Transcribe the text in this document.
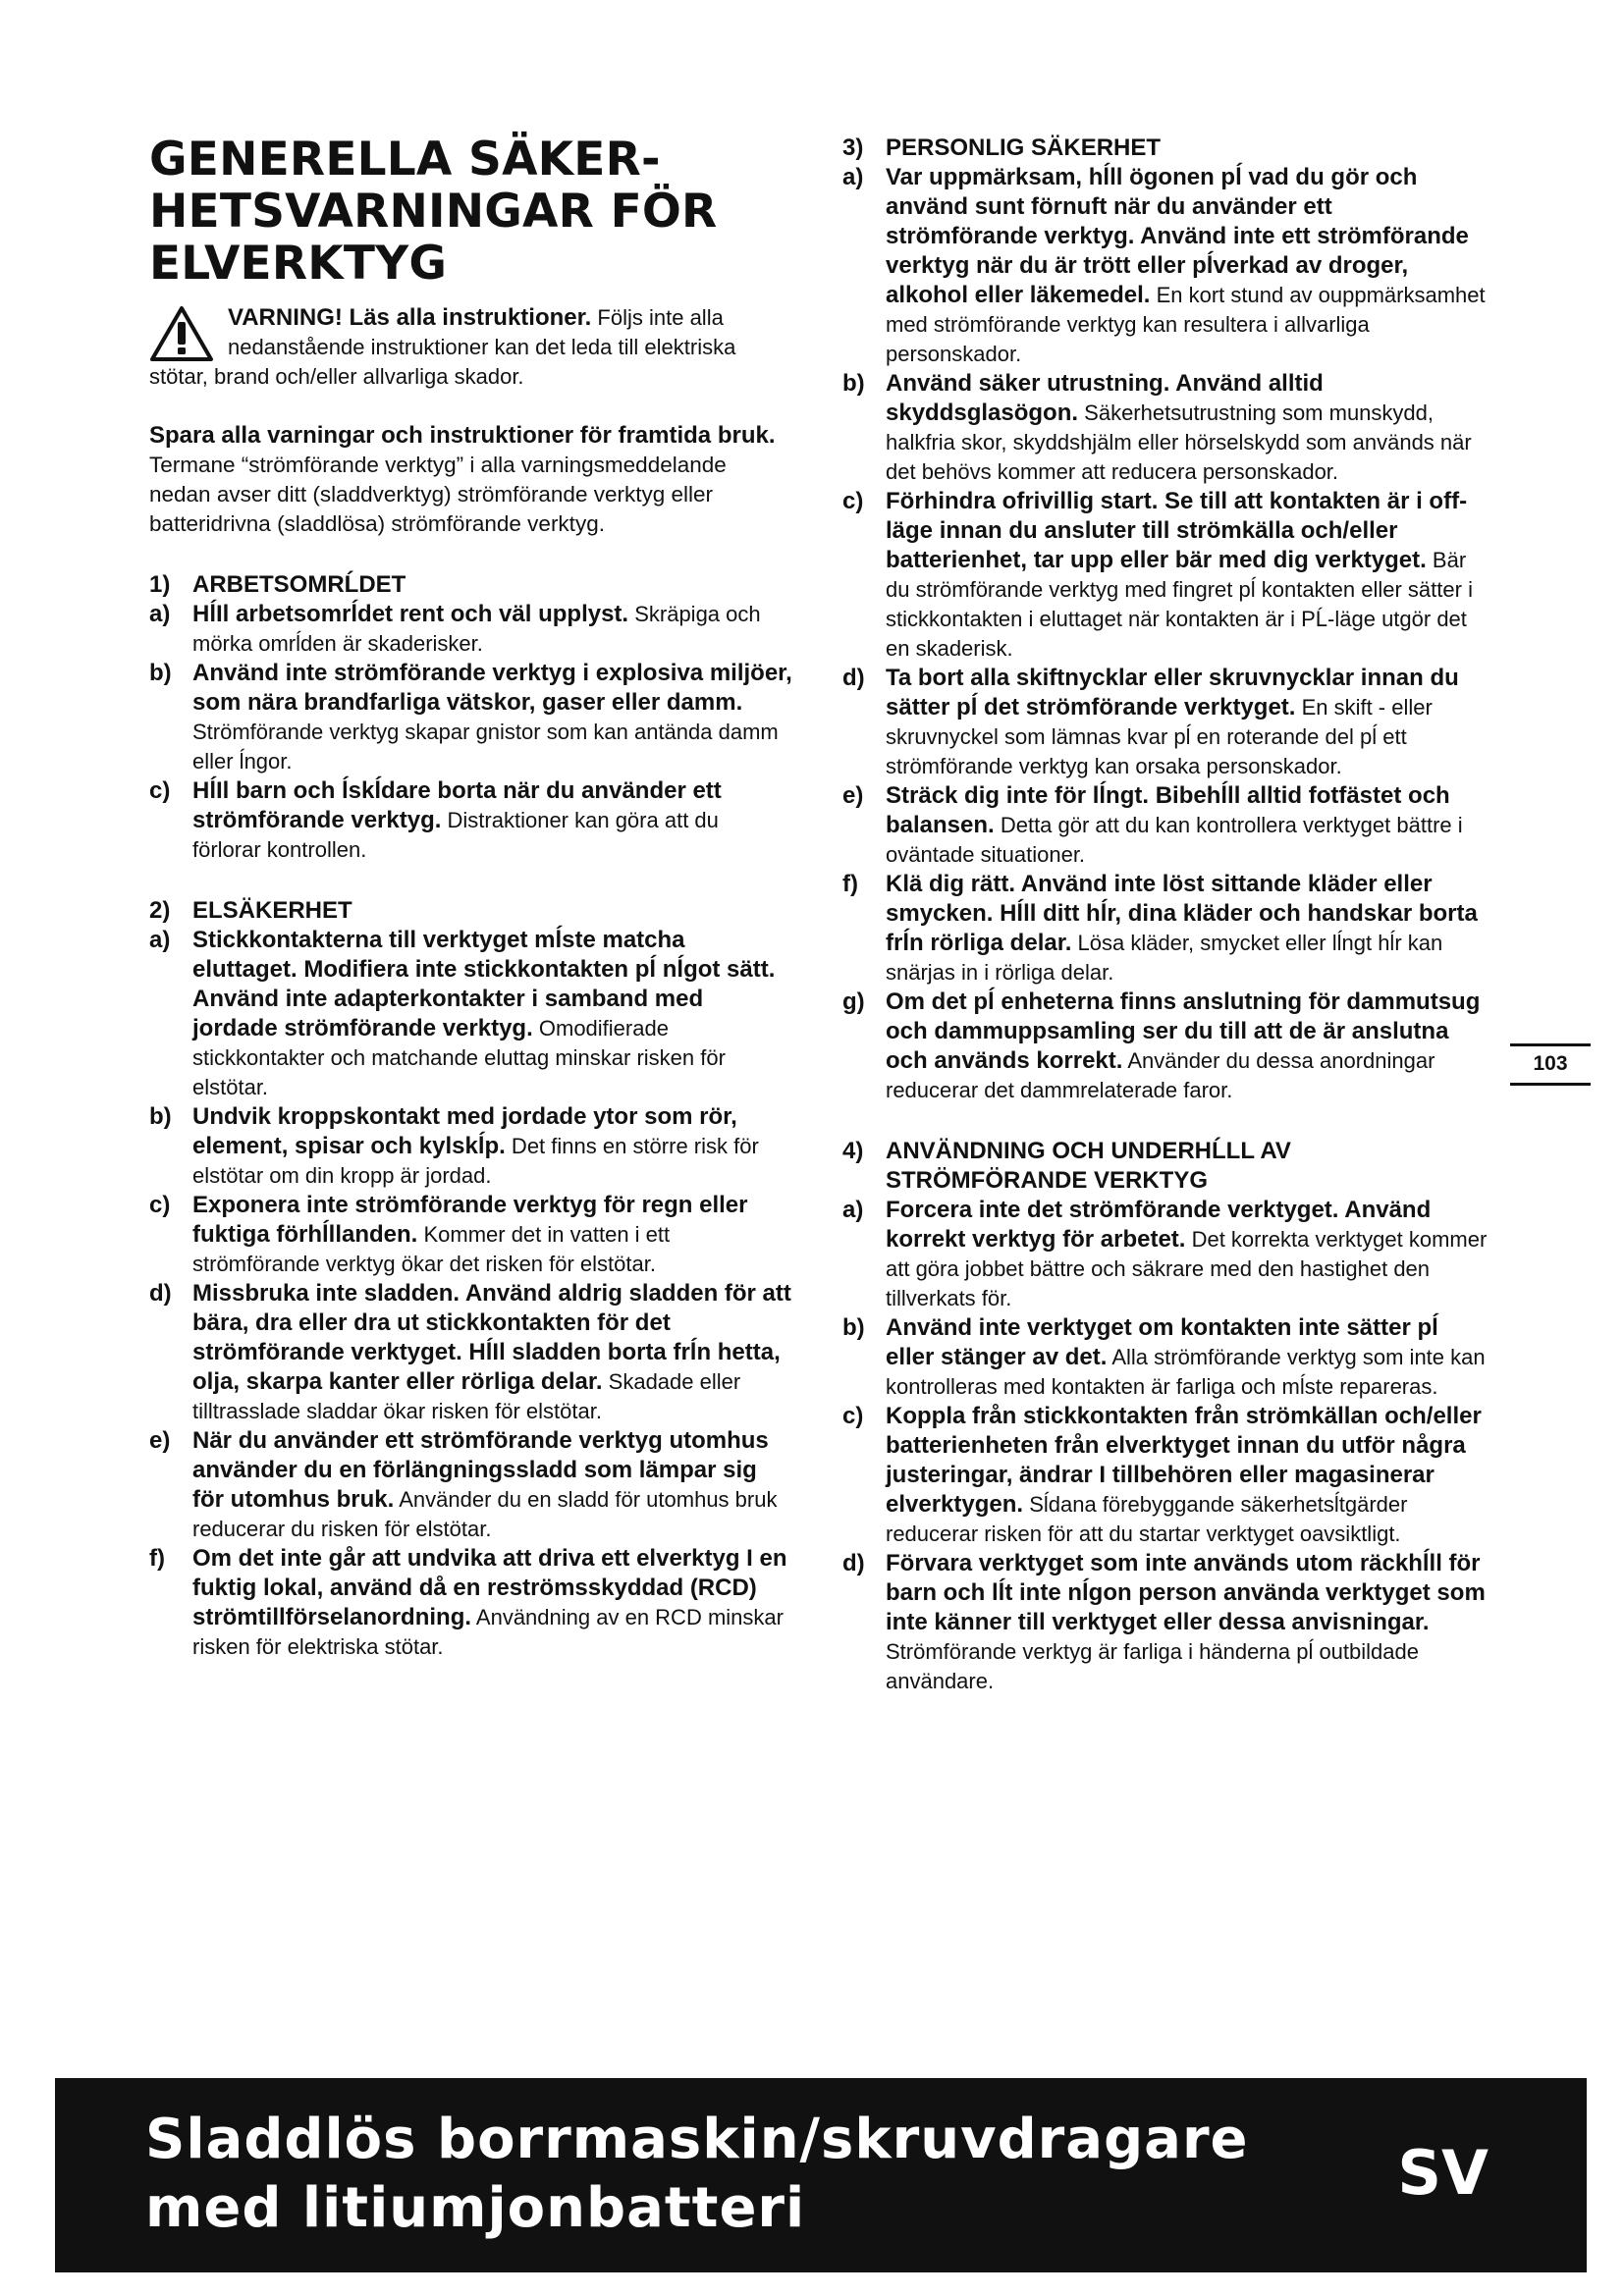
GENERELLA SÄKER-
HETSVARNINGAR FÖR
ELVERKTYG
VARNING! Läs alla instruktioner. Följs inte alla nedanstående instruktioner kan det leda till elektriska stötar, brand och/eller allvarliga skador.
Spara alla varningar och instruktioner för framtida bruk.
Termane “strömförande verktyg” i alla varningsmeddelande nedan avser ditt (sladdverktyg) strömförande verktyg eller batteridrivna (sladdlösa) strömförande verktyg.
1) ARBETSOMRĹDET
a) HĺIl arbetsomrĺdet rent och väl upplyst. Skräpiga och mörka omrĺden är skaderisker.
b) Använd inte strömförande verktyg i explosiva miljöer, som nära brandfarliga vätskor, gaser eller damm. Strömförande verktyg skapar gnistor som kan antända damm eller ĺngor.
c) HĺIl barn och ĺskĺdare borta när du använder ett strömförande verktyg. Distraktioner kan göra att du förlorar kontrollen.
2) ELSÄKERHET
a) Stickkontakterna till verktyget mĺste matcha eluttaget. Modifiera inte stickkontakten pĺ nĺgot sätt. Använd inte adapterkontakter i samband med jordade strömförande verktyg. Omodifierade stickkontakter och matchande eluttag minskar risken för elstötar.
b) Undvik kroppskontakt med jordade ytor som rör, element, spisar och kylskĺp. Det finns en större risk för elstötar om din kropp är jordad.
c) Exponera inte strömförande verktyg för regn eller fuktiga förhĺllanden. Kommer det in vatten i ett strömförande verktyg ökar det risken för elstötar.
d) Missbruka inte sladden. Använd aldrig sladden för att bära, dra eller dra ut stickkontakten för det strömförande verktyget. HĺIl sladden borta frĺn hetta, olja, skarpa kanter eller rörliga delar. Skadade eller tilltrasslade sladdar ökar risken för elstötar.
e) När du använder ett strömförande verktyg utomhus använder du en förlängningssladd som lämpar sig för utomhus bruk. Använder du en sladd för utomhus bruk reducerar du risken för elstötar.
f)	Om det inte går att undvika att driva ett elverktyg I en fuktig lokal, använd då en reströmsskyddad (RCD) strömtillförselanordning. Användning av en RCD minskar risken för elektriska stötar.
3) PERSONLIG SÄKERHET
a) Var uppmärksam, hĺll ögonen pĺ vad du gör och använd sunt förnuft när du använder ett strömförande verktyg. Använd inte ett strömförande verktyg när du är trött eller pĺverkad av droger, alkohol eller läkemedel. En kort stund av ouppmärksamhet med strömförande verktyg kan resultera i allvarliga personskador.
b) Använd säker utrustning. Använd alltid skyddsglasögon. Säkerhetsutrustning som munskydd, halkfria skor, skyddshjälm eller hörselskydd som används när det behövs kommer att reducera personskador.
c) Förhindra ofrivillig start. Se till att kontakten är i off-läge innan du ansluter till strömkälla och/eller batterienhet, tar upp eller bär med dig verktyget. Bär du strömförande verktyg med fingret pĺ kontakten eller sätter i stickkontakten i eluttaget när kontakten är i PĹ-läge utgör det en skaderisk.
d) Ta bort alla skiftnycklar eller skruvnycklar innan du sätter pĺ det strömförande verktyget. En skift - eller skruvnyckel som lämnas kvar pĺ en roterande del pĺ ett strömförande verktyg kan orsaka personskador.
e) Sträck dig inte för lĺngt. Bibehĺll alltid fotfästet och balansen. Detta gör att du kan kontrollera verktyget bättre i oväntade situationer.
f)	Klä dig rätt. Använd inte löst sittande kläder eller smycken. Hĺll ditt hĺr, dina kläder och handskar borta frĺn rörliga delar. Lösa kläder, smycket eller lĺngt hĺr kan snärjas in i rörliga delar.
g) Om det pĺ enheterna finns anslutning för dammutsug och dammuppsamling ser du till att de är anslutna och används korrekt. Använder du dessa anordningar reducerar det dammrelaterade faror.
4) ANVÄNDNING OCH UNDERHĹLL AV STRÖMFÖRANDE VERKTYG
a) Forcera inte det strömförande verktyget. Använd korrekt verktyg för arbetet. Det korrekta verktyget kommer att göra jobbet bättre och säkrare med den hastighet den tillverkats för.
b) Använd inte verktyget om kontakten inte sätter pĺ eller stänger av det. Alla strömförande verktyg som inte kan kontrolleras med kontakten är farliga och mĺste repareras.
c) Koppla från stickkontakten från strömkällan och/eller batterienheten från elverktyget innan du utför några justeringar, ändrar I tillbehören eller magasinerar elverktygen. Sĺdana förebyggande säkerhetsĺtgärder reducerar risken för att du startar verktyget oavsiktligt.
d) Förvara verktyget som inte används utom räckhĺll för barn och lĺt inte nĺgon person använda verktyget som inte känner till verktyget eller dessa anvisningar. Strömförande verktyg är farliga i händerna pĺ outbildade användare.
103
Sladdlös borrmaskin/skruvdragare
med litiumjonbatteri	SV
